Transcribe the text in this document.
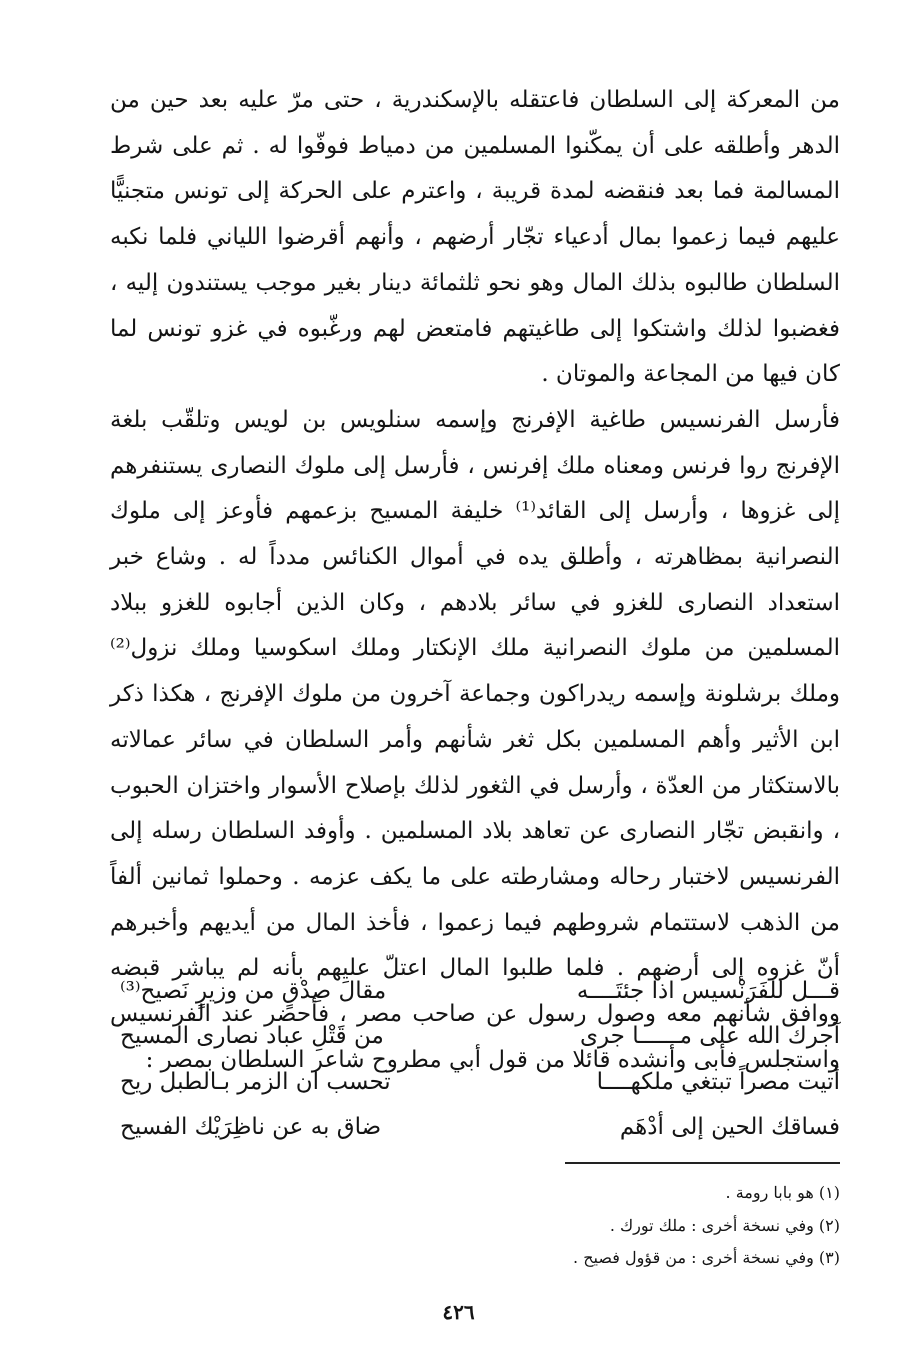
من المعركة إلى السلطان فاعتقله بالإسكندرية ، حتى مرّ عليه بعد حين من الدهر وأطلقه على أن يمكّنوا المسلمين من دمياط فوفّوا له . ثم على شرط المسالمة فما بعد فنقضه لمدة قريبة ، واعترم على الحركة إلى تونس متجنيًّا عليهم فيما زعموا بمال أدعياء تجّار أرضهم ، وأنهم أقرضوا اللياني فلما نكبه السلطان طالبوه بذلك المال وهو نحو ثلثمائة دينار بغير موجب يستندون إليه ، فغضبوا لذلك واشتكوا إلى طاغيتهم فامتعض لهم ورغّبوه في غزو تونس لما كان فيها من المجاعة والموتان .

فأرسل الفرنسيس طاغية الإفرنج وإسمه سنلويس بن لويس وتلقّب بلغة الإفرنج روا فرنس ومعناه ملك إفرنس ، فأرسل إلى ملوك النصارى يستنفرهم إلى غزوها ، وأرسل إلى القائد⁽¹⁾ خليفة المسيح بزعمهم فأوعز إلى ملوك النصرانية بمظاهرته ، وأطلق يده في أموال الكنائس مدداً له . وشاع خبر استعداد النصارى للغزو في سائر بلادهم ، وكان الذين أجابوه للغزو ببلاد المسلمين من ملوك النصرانية ملك الإنكتار وملك اسكوسيا وملك نزول⁽²⁾ وملك برشلونة وإسمه ريدراكون وجماعة آخرون من ملوك الإفرنج ، هكذا ذكر ابن الأثير وأهم المسلمين بكل ثغر شأنهم وأمر السلطان في سائر عمالاته بالاستكثار من العدّة ، وأرسل في الثغور لذلك بإصلاح الأسوار واختزان الحبوب ، وانقبض تجّار النصارى عن تعاهد بلاد المسلمين . وأوفد السلطان رسله إلى الفرنسيس لاختبار رحاله ومشارطته على ما يكف عزمه . وحملوا ثمانين ألفاً من الذهب لاستتمام شروطهم فيما زعموا ، فأخذ المال من أيديهم وأخبرهم أنّ غزوه إلى أرضهم . فلما طلبوا المال اعتلّ عليهم بأنه لم يباشر قبضه ووافق شأنهم معه وصول رسول عن صاحب مصر ، فأحضر عند الفرنسيس واستجلس فأبى وأنشده قائلا من قول أبي مطروح شاعر السلطان بمصر :

قـــل للفَرَنْسيس اذا جئتَــــه
مقالَ صِدْقٍ من وزيرٍ نَصيح⁽³⁾
آجرك الله على مــــــا جرى
من قَتْلِ عباد نصارى المسيح
أتيت مصراً تبتغي ملكهــــا
تحسب ان الزمر بـالطبل ريح
فساقك الحين إلى أدْهَم
ضاق به عن ناظِرَيْك الفسيح

(١) هو بابا رومة .

(٢) وفي نسخة أخرى : ملك تورك .

(٣) وفي نسخة أخرى : من قؤول فصيح .

٤٢٦
